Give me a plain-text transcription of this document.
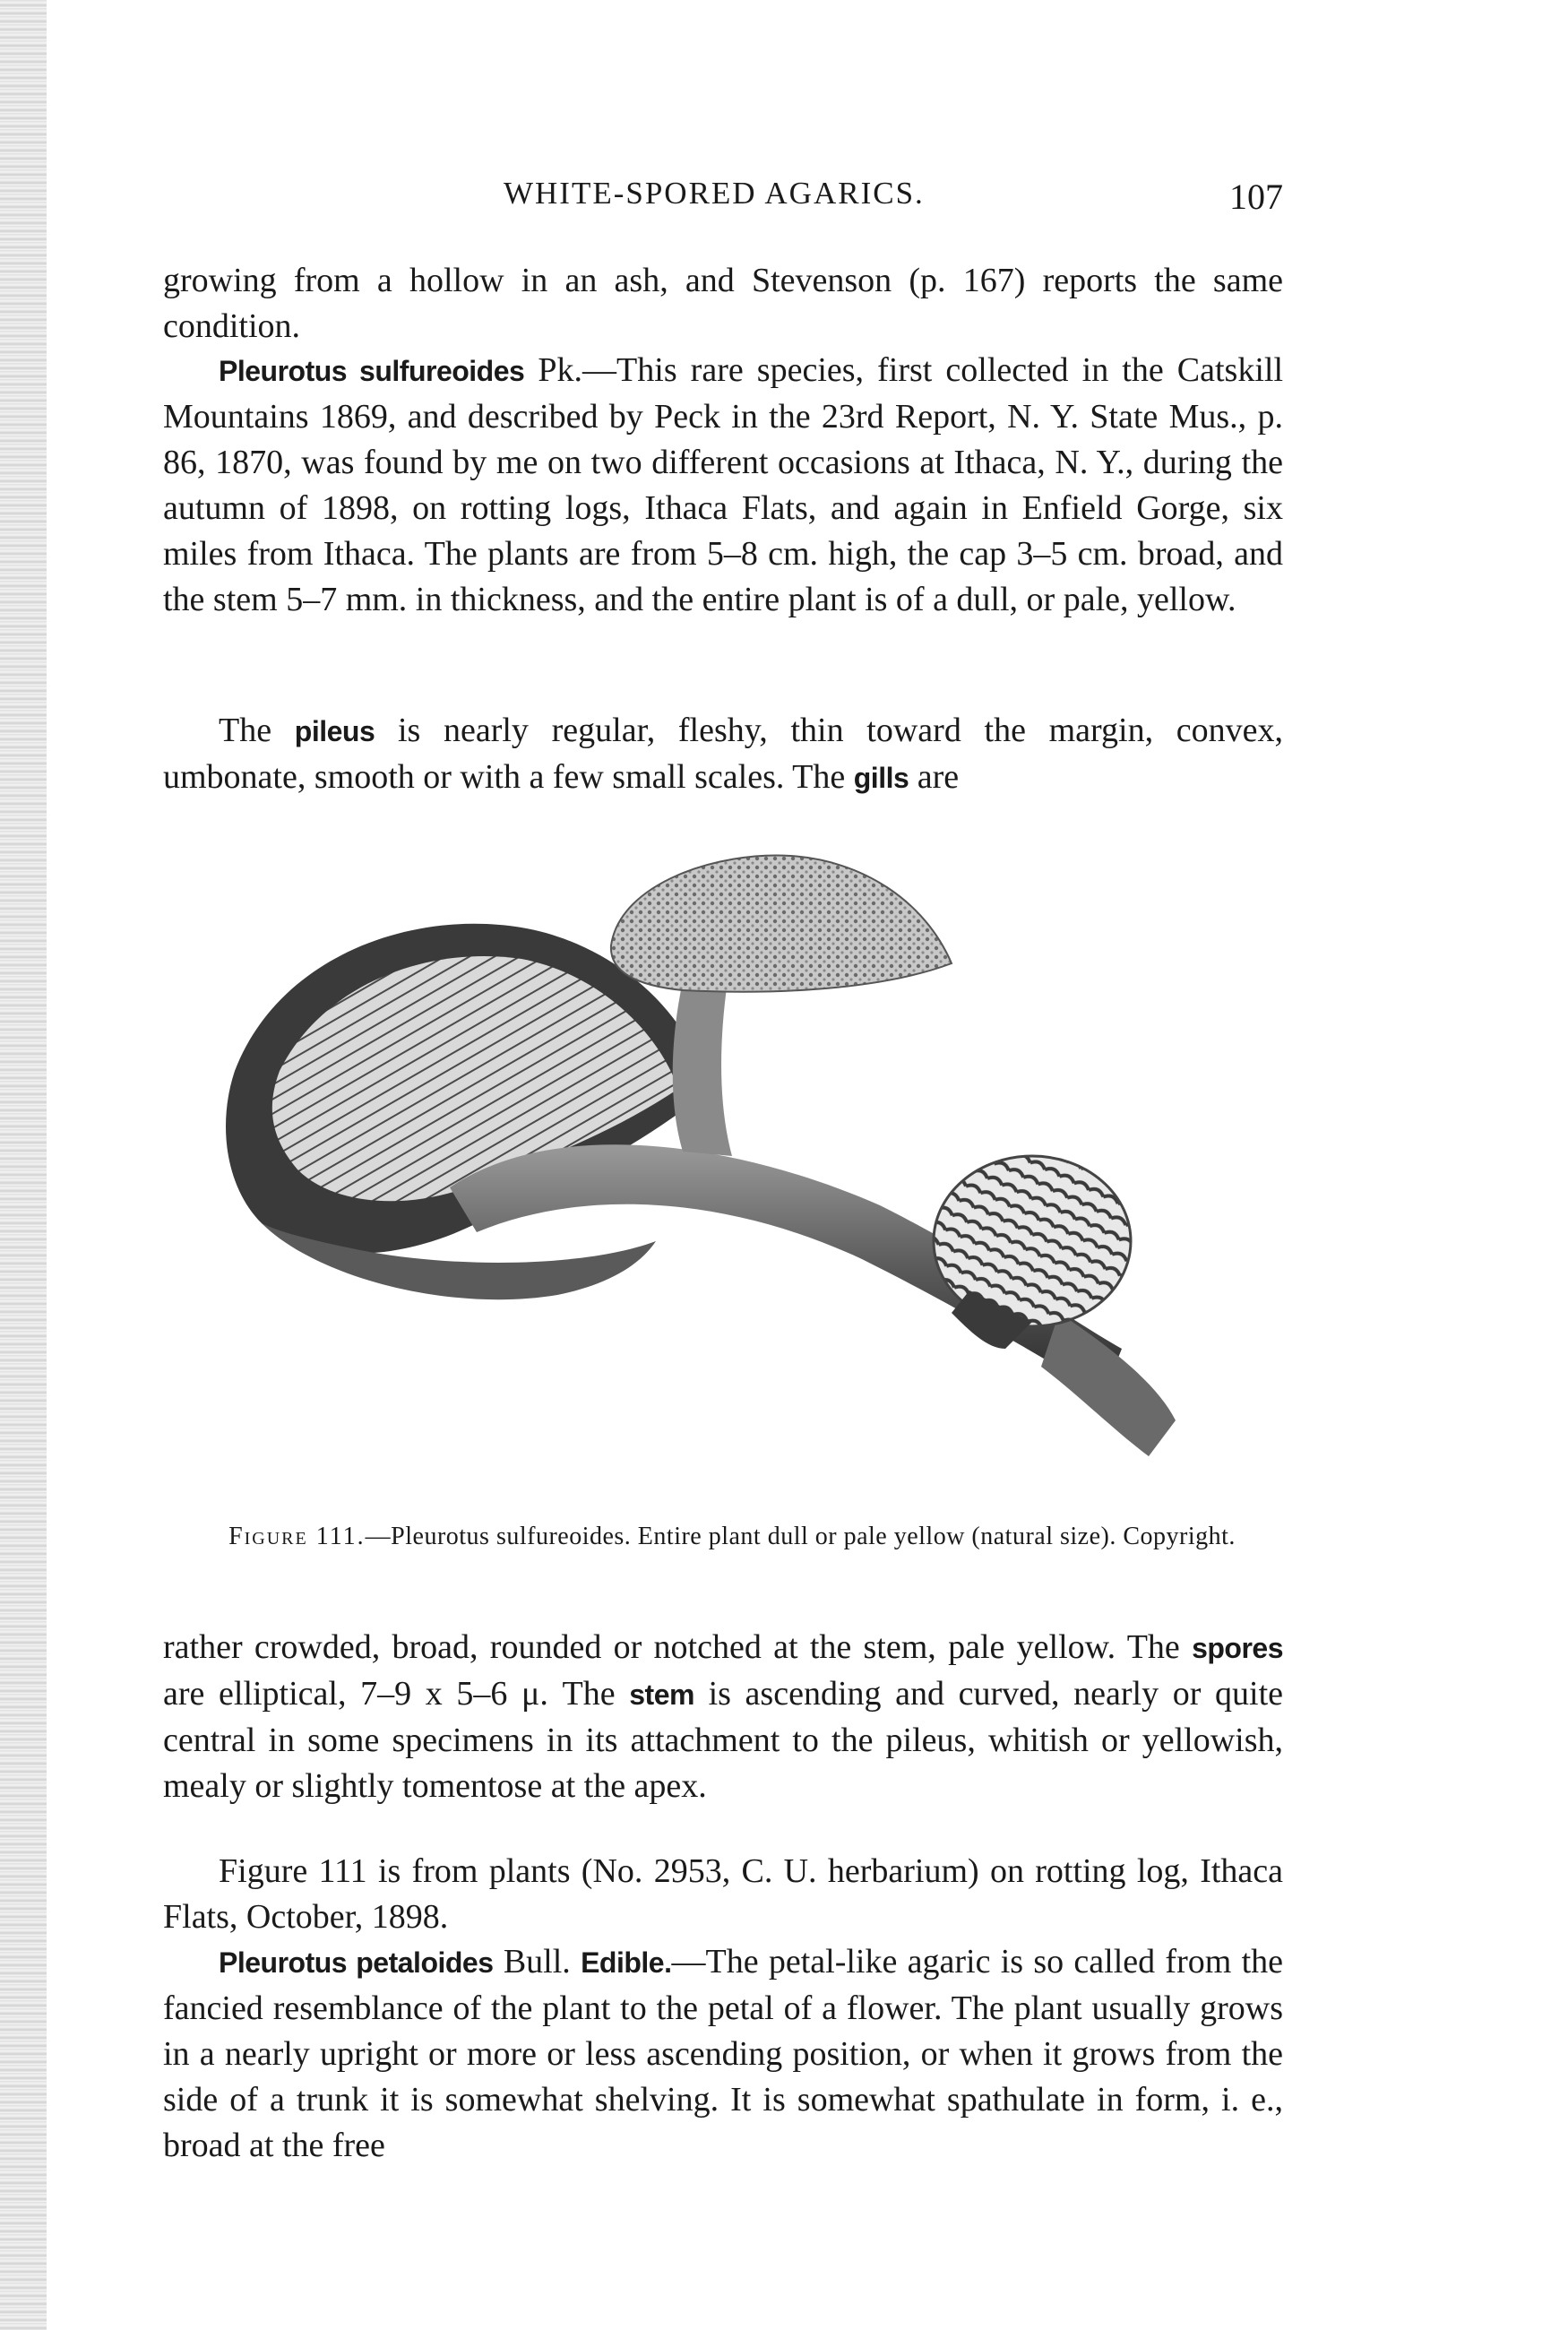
WHITE-SPORED AGARICS.	107

growing from a hollow in an ash, and Stevenson (p. 167) reports the same condition.

Pleurotus sulfureoides Pk.—This rare species, first collected in the Catskill Mountains 1869, and described by Peck in the 23rd Report, N. Y. State Mus., p. 86, 1870, was found by me on two different occasions at Ithaca, N. Y., during the autumn of 1898, on rotting logs, Ithaca Flats, and again in Enfield Gorge, six miles from Ithaca. The plants are from 5–8 cm. high, the cap 3–5 cm. broad, and the stem 5–7 mm. in thickness, and the entire plant is of a dull, or pale, yellow.

The pileus is nearly regular, fleshy, thin toward the margin, convex, umbonate, smooth or with a few small scales. The gills are

Figure 111.—Pleurotus sulfureoides. Entire plant dull or pale yellow (natural size). Copyright.

rather crowded, broad, rounded or notched at the stem, pale yellow. The spores are elliptical, 7–9 x 5–6 μ. The stem is ascending and curved, nearly or quite central in some specimens in its attachment to the pileus, whitish or yellowish, mealy or slightly tomentose at the apex.

Figure 111 is from plants (No. 2953, C. U. herbarium) on rotting log, Ithaca Flats, October, 1898.

Pleurotus petaloides Bull. Edible.—The petal-like agaric is so called from the fancied resemblance of the plant to the petal of a flower. The plant usually grows in a nearly upright or more or less ascending position, or when it grows from the side of a trunk it is somewhat shelving. It is somewhat spathulate in form, i. e., broad at the free
